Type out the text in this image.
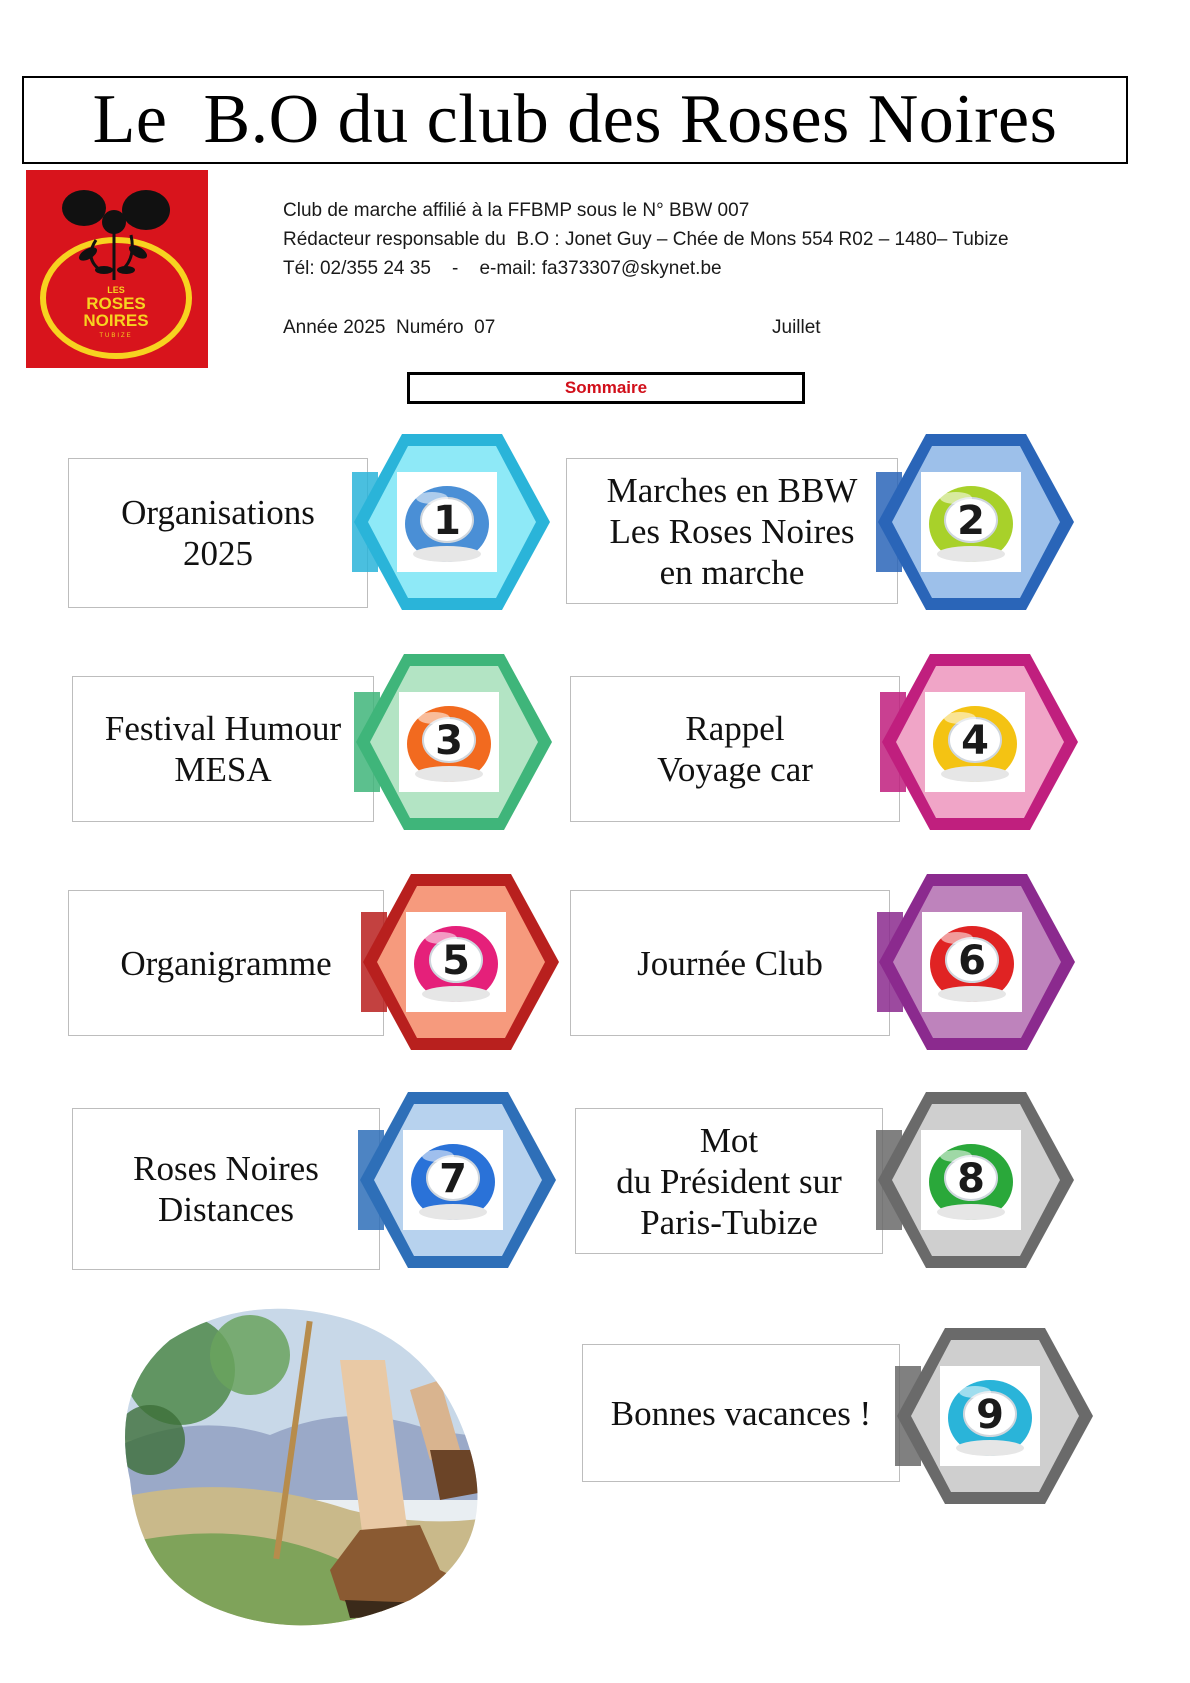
Le  B.O du club des Roses Noires
LES
ROSES
NOIRES
TUBIZE
Club de marche affilié à la FFBMP sous le N° BBW 007
Rédacteur responsable du  B.O : Jonet Guy – Chée de Mons 554 R02 – 1480– Tubize
Tél: 02/355 24 35    -    e-mail: fa373307@skynet.be
Année 2025  Numéro  07	Juillet
Sommaire
Organisations
2025
1
Marches en BBW
Les Roses Noires
en marche
2
Festival Humour
MESA
3	Rappel
Voyage car
4
Organigramme	5	Journée Club	6
Roses Noires
Distances
7
Mot
du Président sur
Paris-Tubize
8
Bonnes vacances !	9
